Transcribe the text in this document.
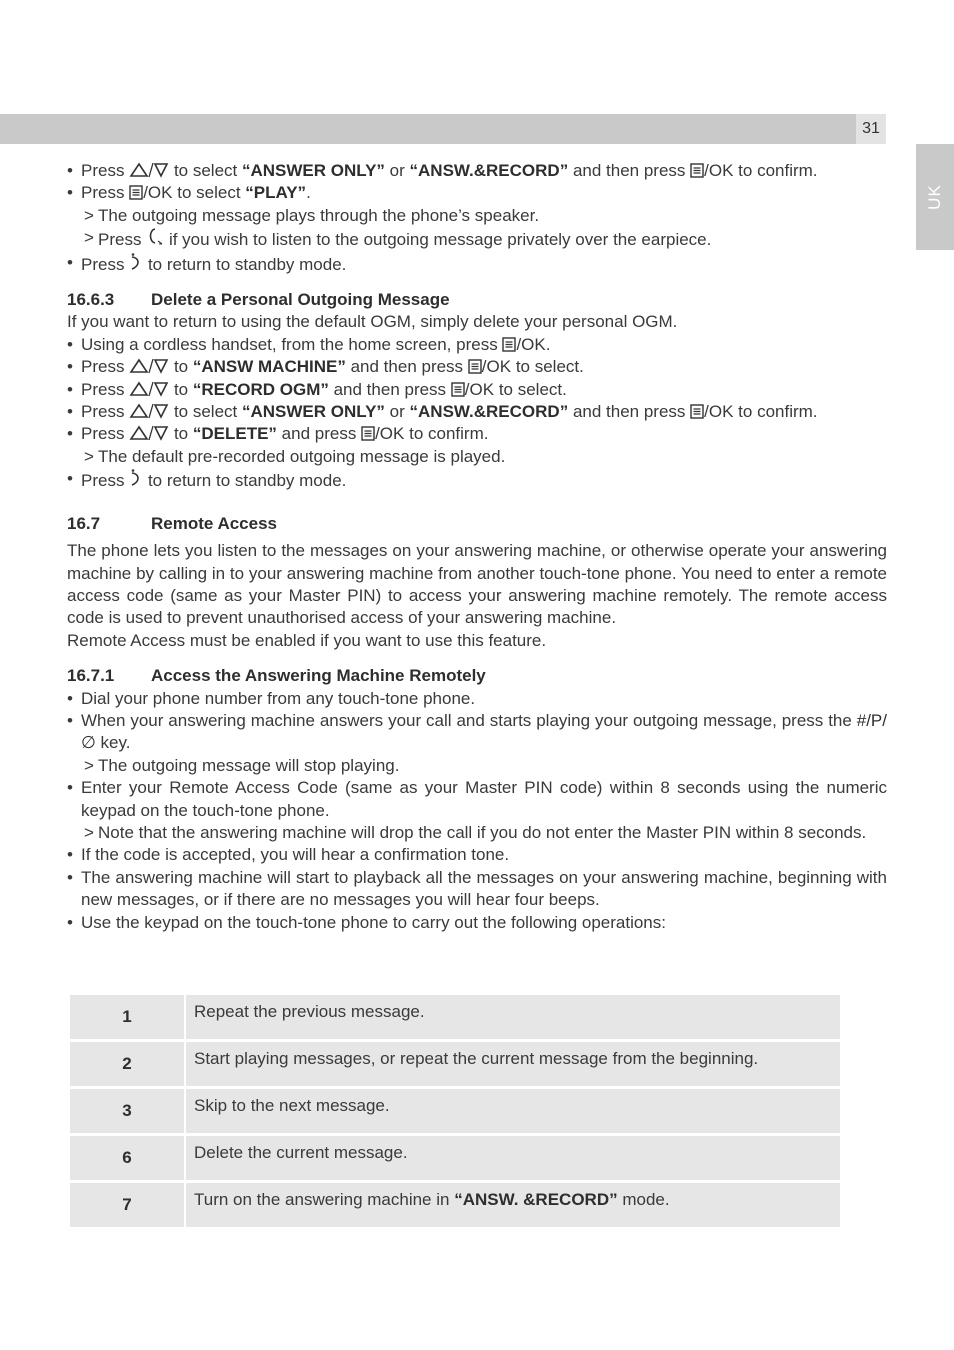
31
UK
• Press	to select “ANSWER ONLY” or “ANSW.&RECORD” and then press /OK to confirm.
• Press /OK to select “PLAY”.
> The outgoing message plays through the phone’s speaker.
> Press if you wish to listen to the outgoing message privately over the earpiece.
• Press to return to standby mode.
16.6.3	Delete a Personal Outgoing Message
If you want to return to using the default OGM, simply delete your personal OGM.
• Using a cordless handset, from the home screen, press /OK.
• Press	to “ANSW MACHINE” and then press /OK to select.
• Press	to “RECORD OGM” and then press /OK to select.
• Press	to select “ANSWER ONLY” or “ANSW.&RECORD” and then press /OK to confirm.
• Press	to “DELETE” and press /OK to confirm.
> The default pre-recorded outgoing message is played.
• Press to return to standby mode.
16.7	Remote Access
The phone lets you listen to the messages on your answering machine, or otherwise operate your answering machine by calling in to your answering machine from another touch-tone phone. You need to enter a remote access code (same as your Master PIN) to access your answering machine remotely. The remote access code is used to prevent unauthorised access of your answering machine.
Remote Access must be enabled if you want to use this feature.
16.7.1	Access the Answering Machine Remotely
• Dial your phone number from any touch-tone phone.
• When your answering machine answers your call and starts playing your outgoing message, press the #/P/∅ key.
> The outgoing message will stop playing.
• Enter your Remote Access Code (same as your Master PIN code) within 8 seconds using the numeric keypad on the touch-tone phone.
> Note that the answering machine will drop the call if you do not enter the Master PIN within 8 seconds.
• If the code is accepted, you will hear a confirmation tone.
• The answering machine will start to playback all the messages on your answering machine, beginning with new messages, or if there are no messages you will hear four beeps.
• Use the keypad on the touch-tone phone to carry out the following operations:
1	Repeat the previous message.
2	Start playing messages, or repeat the current message from the beginning.
3	Skip to the next message.
6	Delete the current message.
7	Turn on the answering machine in “ANSW. &RECORD” mode.
